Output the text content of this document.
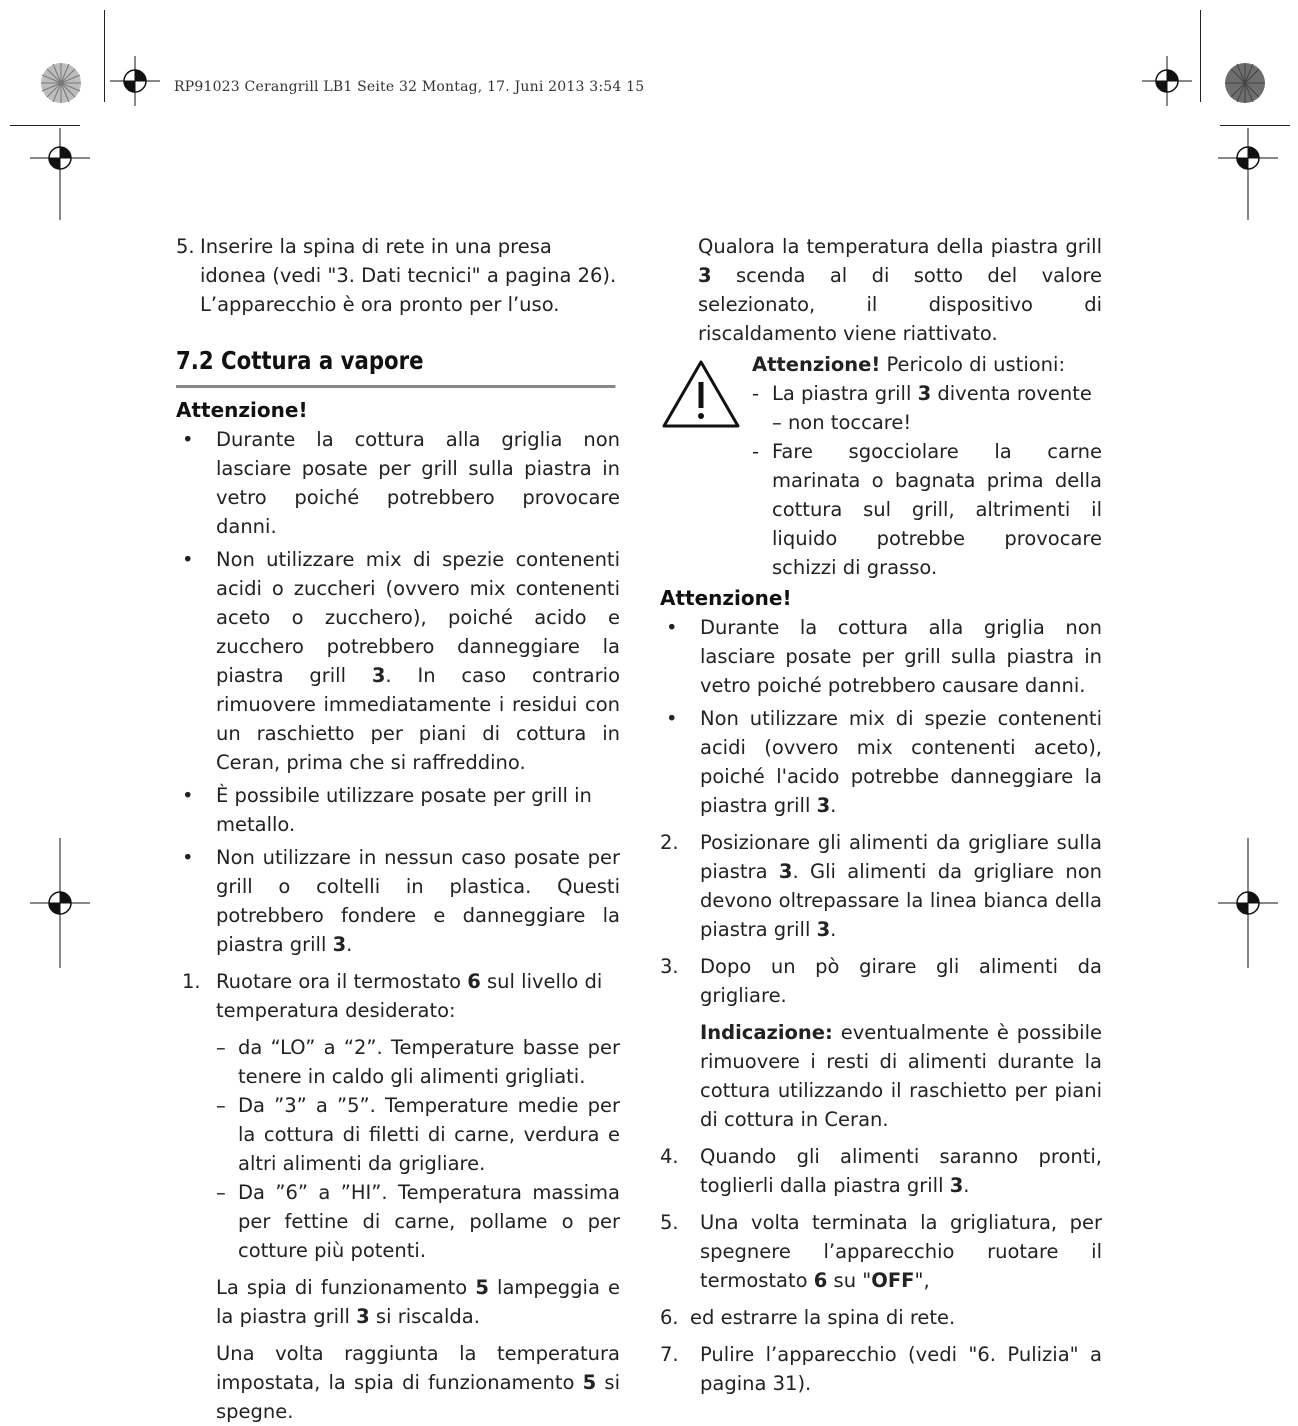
RP91023 Cerangrill LB1 Seite 32 Montag, 17. Juni 2013 3:54 15

5. Inserire la spina di rete in una presa idonea (vedi "3. Dati tecnici" a pagina 26). L’apparecchio è ora pronto per l’uso.

7.2 Cottura a vapore

Attenzione!

• Durante la cottura alla griglia non lasciare posate per grill sulla piastra in vetro poiché potrebbero provocare danni.

• Non utilizzare mix di spezie contenenti acidi o zuccheri (ovvero mix contenenti aceto o zucchero), poiché acido e zucchero potrebbero danneggiare la piastra grill 3. In caso contrario rimuovere immediatamente i residui con un raschietto per piani di cottura in Ceran, prima che si raffreddino.

• È possibile utilizzare posate per grill in metallo.

• Non utilizzare in nessun caso posate per grill o coltelli in plastica. Questi potrebbero fondere e danneggiare la piastra grill 3.

1. Ruotare ora il termostato 6 sul livello di temperatura desiderato:

– da “LO” a “2”. Temperature basse per tenere in caldo gli alimenti grigliati.

– Da ”3” a ”5”. Temperature medie per la cottura di filetti di carne, verdura e altri alimenti da grigliare.

– Da ”6” a ”HI”. Temperatura massima per fettine di carne, pollame o per cotture più potenti.

La spia di funzionamento 5 lampeggia e la piastra grill 3 si riscalda.

Una volta raggiunta la temperatura impostata, la spia di funzionamento 5 si spegne.

Qualora la temperatura della piastra grill 3 scenda al di sotto del valore selezionato, il dispositivo di riscaldamento viene riattivato.

Attenzione! Pericolo di ustioni:

- La piastra grill 3 diventa rovente
– non toccare!

- Fare sgocciolare la carne marinata o bagnata prima della cottura sul grill, altrimenti il liquido potrebbe provocare schizzi di grasso.

Attenzione!

• Durante la cottura alla griglia non lasciare posate per grill sulla piastra in vetro poiché potrebbero causare danni.

• Non utilizzare mix di spezie contenenti acidi (ovvero mix contenenti aceto), poiché l'acido potrebbe danneggiare la piastra grill 3.

2. Posizionare gli alimenti da grigliare sulla piastra 3. Gli alimenti da grigliare non devono oltrepassare la linea bianca della piastra grill 3.

3. Dopo un pò girare gli alimenti da grigliare.

Indicazione: eventualmente è possibile rimuovere i resti di alimenti durante la cottura utilizzando il raschietto per piani di cottura in Ceran.

4. Quando gli alimenti saranno pronti, toglierli dalla piastra grill 3.

5. Una volta terminata la grigliatura, per spegnere l’apparecchio ruotare il termostato 6 su "OFF",

6. ed estrarre la spina di rete.

7. Pulire l’apparecchio (vedi "6. Pulizia" a pagina 31).
